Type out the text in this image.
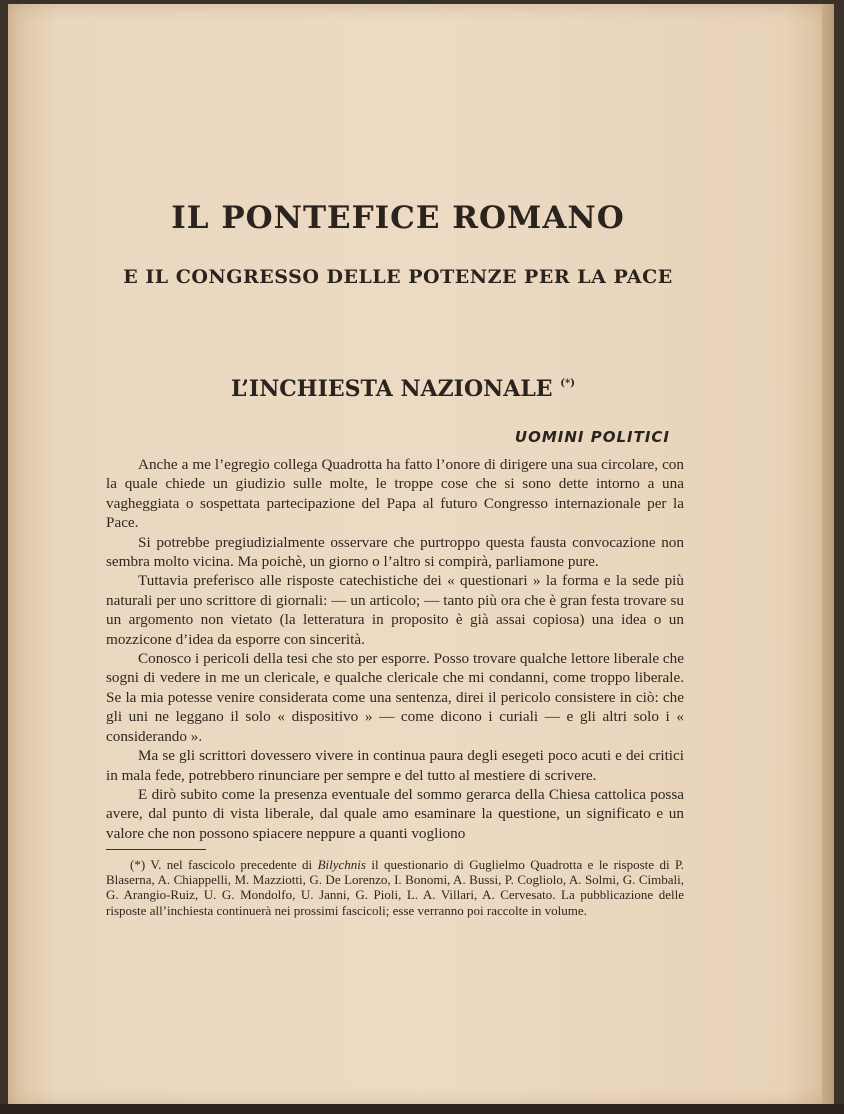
IL PONTEFICE ROMANO
E IL CONGRESSO DELLE POTENZE PER LA PACE
L’INCHIESTA NAZIONALE (*)
UOMINI POLITICI

Anche a me l’egregio collega Quadrotta ha fatto l’onore di dirigere una sua circolare, con la quale chiede un giudizio sulle molte, le troppe cose che si sono dette intorno a una vagheggiata o sospettata partecipazione del Papa al futuro Congresso internazionale per la Pace.

Si potrebbe pregiudizialmente osservare che purtroppo questa fausta convocazione non sembra molto vicina. Ma poichè, un giorno o l’altro si compirà, parliamone pure.

Tuttavia preferisco alle risposte catechistiche dei « questionari » la forma e la sede più naturali per uno scrittore di giornali: — un articolo; — tanto più ora che è gran festa trovare su un argomento non vietato (la letteratura in proposito è già assai copiosa) una idea o un mozzicone d’idea da esporre con sincerità.

Conosco i pericoli della tesi che sto per esporre. Posso trovare qualche lettore liberale che sogni di vedere in me un clericale, e qualche clericale che mi condanni, come troppo liberale. Se la mia potesse venire considerata come una sentenza, direi il pericolo consistere in ciò: che gli uni ne leggano il solo « dispositivo » — come dicono i curiali — e gli altri solo i « considerando ».

Ma se gli scrittori dovessero vivere in continua paura degli esegeti poco acuti e dei critici in mala fede, potrebbero rinunciare per sempre e del tutto al mestiere di scrivere.

E dirò subito come la presenza eventuale del sommo gerarca della Chiesa cattolica possa avere, dal punto di vista liberale, dal quale amo esaminare la questione, un significato e un valore che non possono spiacere neppure a quanti vogliono

(*) V. nel fascicolo precedente di Bilychnis il questionario di Guglielmo Quadrotta e le risposte di P. Blaserna, A. Chiappelli, M. Mazziotti, G. De Lorenzo, I. Bonomi, A. Bussi, P. Cogliolo, A. Solmi, G. Cimbali, G. Arangio-Ruiz, U. G. Mondolfo, U. Janni, G. Pioli, L. A. Villari, A. Cervesato. La pubblicazione delle risposte all’inchiesta continuerà nei prossimi fascicoli; esse verranno poi raccolte in volume.
